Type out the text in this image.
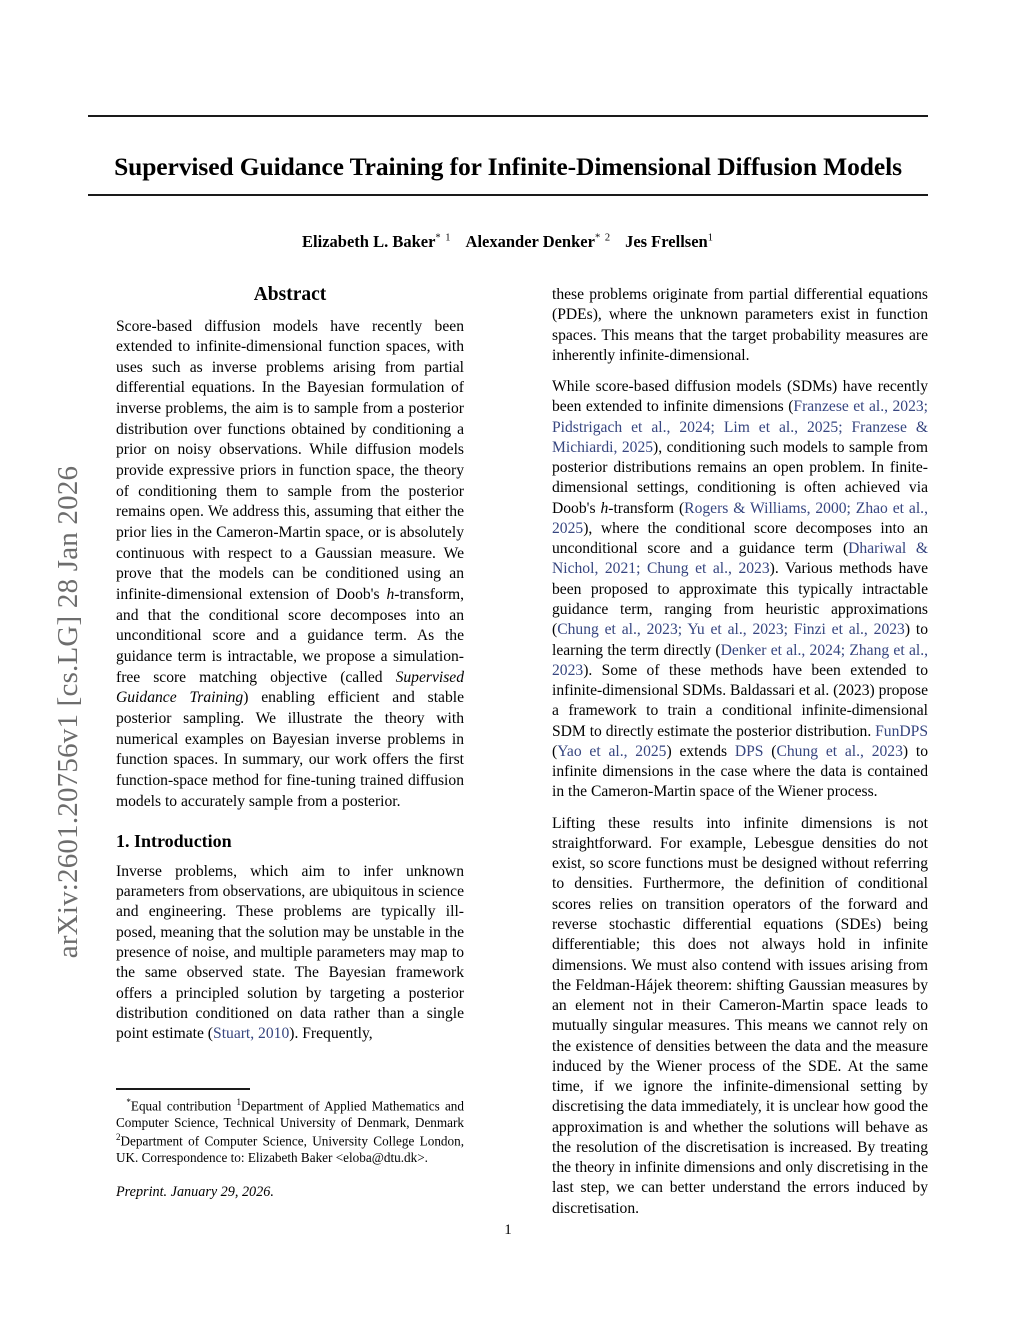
arXiv:2601.20756v1 [cs.LG] 28 Jan 2026
Supervised Guidance Training for Infinite-Dimensional Diffusion Models
Elizabeth L. Baker$^{* 1}$ Alexander Denker$^{* 2}$ Jes Frellsen$^1$
Abstract

Score-based diffusion models have recently been extended to infinite-dimensional function spaces, with uses such as inverse problems arising from partial differential equations. In the Bayesian formulation of inverse problems, the aim is to sample from a posterior distribution over functions obtained by conditioning a prior on noisy observations. While diffusion models provide expressive priors in function space, the theory of conditioning them to sample from the posterior remains open. We address this, assuming that either the prior lies in the Cameron-Martin space, or is absolutely continuous with respect to a Gaussian measure. We prove that the models can be conditioned using an infinite-dimensional extension of Doob's h-transform, and that the conditional score decomposes into an unconditional score and a guidance term. As the guidance term is intractable, we propose a simulation-free score matching objective (called Supervised Guidance Training) enabling efficient and stable posterior sampling. We illustrate the theory with numerical examples on Bayesian inverse problems in function spaces. In summary, our work offers the first function-space method for fine-tuning trained diffusion models to accurately sample from a posterior.

1. Introduction

Inverse problems, which aim to infer unknown parameters from observations, are ubiquitous in science and engineering. These problems are typically ill-posed, meaning that the solution may be unstable in the presence of noise, and multiple parameters may map to the same observed state. The Bayesian framework offers a principled solution by targeting a posterior distribution conditioned on data rather than a single point estimate (Stuart, 2010). Frequently,

these problems originate from partial differential equations (PDEs), where the unknown parameters exist in function spaces. This means that the target probability measures are inherently infinite-dimensional.

While score-based diffusion models (SDMs) have recently been extended to infinite dimensions (Franzese et al., 2023; Pidstrigach et al., 2024; Lim et al., 2025; Franzese & Michiardi, 2025), conditioning such models to sample from posterior distributions remains an open problem. In finite-dimensional settings, conditioning is often achieved via Doob's h-transform (Rogers & Williams, 2000; Zhao et al., 2025), where the conditional score decomposes into an unconditional score and a guidance term (Dhariwal & Nichol, 2021; Chung et al., 2023). Various methods have been proposed to approximate this typically intractable guidance term, ranging from heuristic approximations (Chung et al., 2023; Yu et al., 2023; Finzi et al., 2023) to learning the term directly (Denker et al., 2024; Zhang et al., 2023). Some of these methods have been extended to infinite-dimensional SDMs. Baldassari et al. (2023) propose a framework to train a conditional infinite-dimensional SDM to directly estimate the posterior distribution. FunDPS (Yao et al., 2025) extends DPS (Chung et al., 2023) to infinite dimensions in the case where the data is contained in the Cameron-Martin space of the Wiener process.

Lifting these results into infinite dimensions is not straightforward. For example, Lebesgue densities do not exist, so score functions must be designed without referring to densities. Furthermore, the definition of conditional scores relies on transition operators of the forward and reverse stochastic differential equations (SDEs) being differentiable; this does not always hold in infinite dimensions. We must also contend with issues arising from the Feldman-Hájek theorem: shifting Gaussian measures by an element not in their Cameron-Martin space leads to mutually singular measures. This means we cannot rely on the existence of densities between the data and the measure induced by the Wiener process of the SDE. At the same time, if we ignore the infinite-dimensional setting by discretising the data immediately, it is unclear how good the approximation is and whether the solutions will behave as the resolution of the discretisation is increased. By treating the theory in infinite dimensions and only discretising in the last step, we can better understand the errors induced by discretisation.

*Equal contribution $^1$Department of Applied Mathematics and Computer Science, Technical University of Denmark, Denmark $^2$Department of Computer Science, University College London, UK. Correspondence to: Elizabeth Baker <eloba@dtu.dk>.

Preprint. January 29, 2026.
1
